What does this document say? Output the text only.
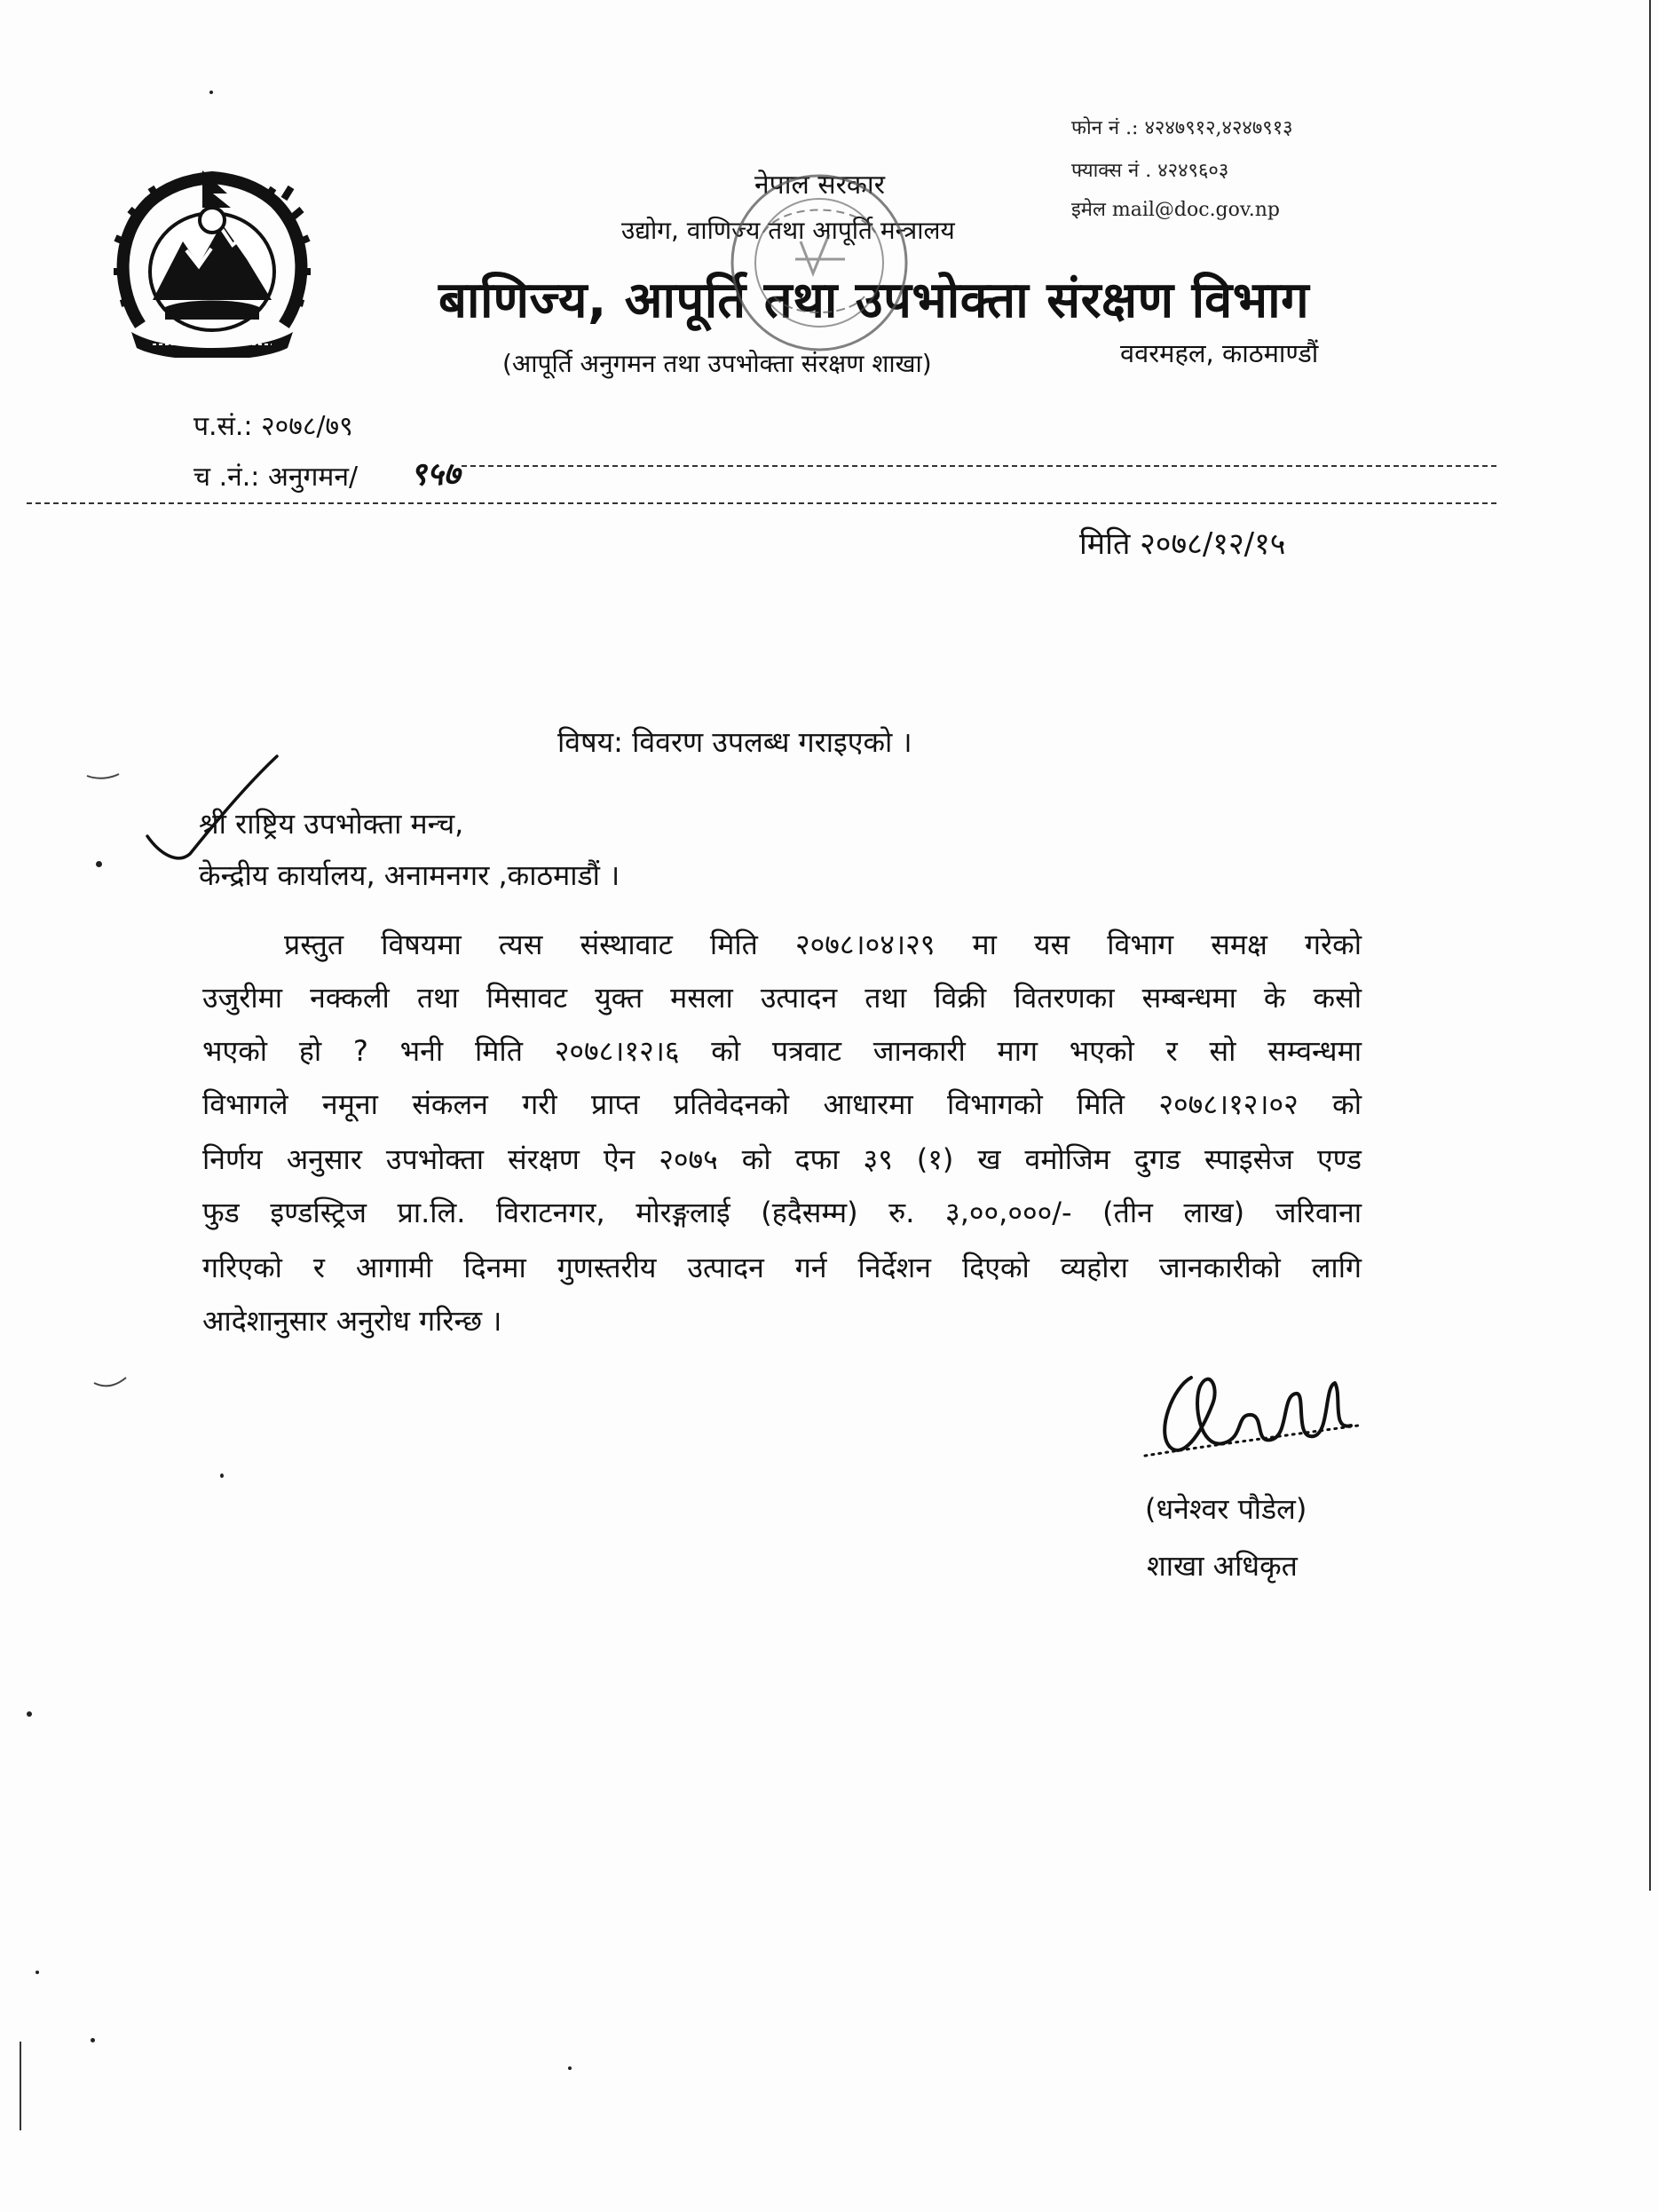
फोन नं .: ४२४७९१२,४२४७९१३
फ्याक्स नं . ४२४९६०३
इमेल mail@doc.gov.np
नेपाल सरकार
उद्योग, वाणिज्य तथा आपूर्ति मन्त्रालय
बाणिज्य, आपूर्ति तथा उपभोक्ता संरक्षण विभाग
(आपूर्ति अनुगमन तथा उपभोक्ता संरक्षण शाखा)	ववरमहल, काठमाण्डौं
प.सं.: २०७८/७९
च .नं.: अनुगमन/ ९५७
मिति २०७८/१२/१५
विषय: विवरण उपलब्ध गराइएको ।
श्री राष्ट्रिय उपभोक्ता मन्च,
केन्द्रीय कार्यालय, अनामनगर ,काठमाडौं ।
प्रस्तुत विषयमा त्यस संस्थावाट मिति २०७८।०४।२९ मा यस विभाग समक्ष गरेको
उजुरीमा नक्कली तथा मिसावट युक्त मसला उत्पादन तथा विक्री वितरणका सम्बन्धमा के कसो
भएको हो ? भनी मिति २०७८।१२।६ को पत्रवाट जानकारी माग भएको र सो सम्वन्धमा
विभागले नमूना संकलन गरी प्राप्त प्रतिवेदनको आधारमा विभागको मिति २०७८।१२।०२ को
निर्णय अनुसार उपभोक्ता संरक्षण ऐन २०७५ को दफा ३९ (१) ख वमोजिम दुगड स्पाइसेज एण्ड
फुड इण्डस्ट्रिज प्रा.लि. विराटनगर, मोरङ्गलाई (हदैसम्म) रु. ३,००,०००/- (तीन लाख) जरिवाना
गरिएको र आगामी दिनमा गुणस्तरीय उत्पादन गर्न निर्देशन दिएको व्यहोरा जानकारीको लागि
आदेशानुसार अनुरोध गरिन्छ ।
(धनेश्वर पौडेल)
शाखा अधिकृत
